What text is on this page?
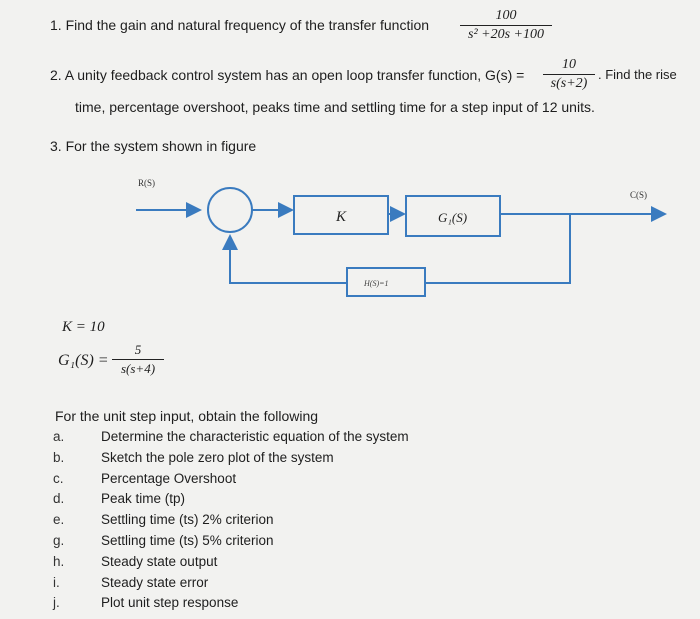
1. Find the gain and natural frequency of the transfer function
100
s² +20s +100
2. A unity feedback control system has an open loop transfer function, G(s) =
10
s(s+2)
. Find the rise
time, percentage overshoot, peaks time and settling time for a step input of 12 units.
3. For the system shown in figure
R(S)
C(S)
K	G₁(S)
H(S)=1
K = 10
G₁(S) =
5
s(s+4)
For the unit step input, obtain the following
a.	Determine the characteristic equation of the system
b.	Sketch the pole zero plot of the system
c.	Percentage Overshoot
d.	Peak time (tp)
e.	Settling time (ts) 2% criterion
g.	Settling time (ts) 5% criterion
h.	Steady state output
i.	Steady state error
j.	Plot unit step response
